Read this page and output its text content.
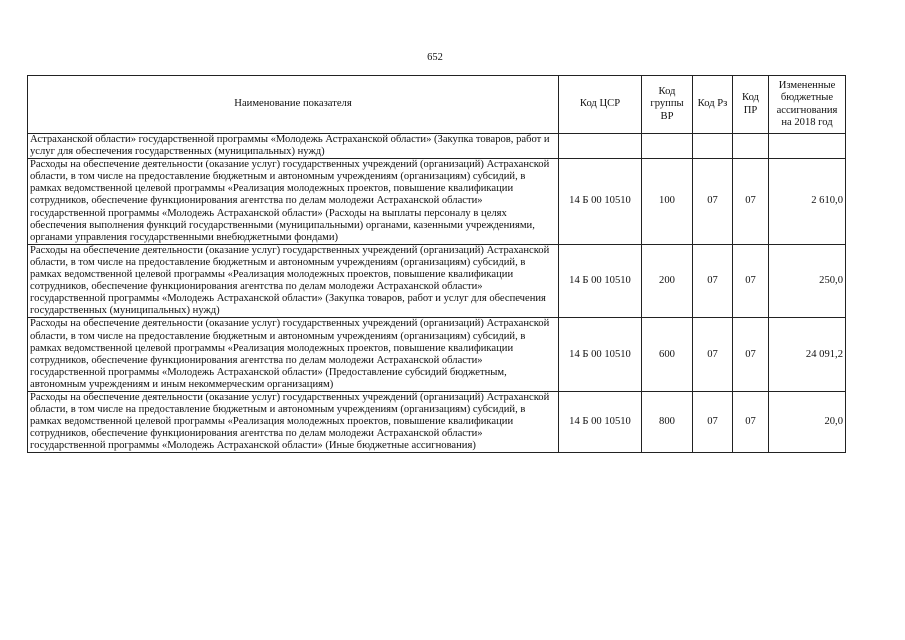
652
Наименование показателя	Код ЦСР	Код группы ВР	Код Рз	Код ПР	Измененные бюджетные ассигнования на 2018 год
Астраханской области» государственной программы «Молодежь Астраханской области» (Закупка товаров, работ и услуг для обеспечения государственных (муниципальных) нужд)					
Расходы на обеспечение деятельности (оказание услуг) государственных учреждений (организаций) Астраханской области, в том числе на предоставление бюджетным и автономным учреждениям (организациям) субсидий, в рамках ведомственной целевой программы «Реализация молодежных проектов, повышение квалификации сотрудников, обеспечение функционирования агентства по делам молодежи Астраханской области» государственной программы «Молодежь Астраханской области» (Расходы на выплаты персоналу в целях обеспечения выполнения функций государственными (муниципальными) органами, казенными учреждениями, органами управления государственными внебюджетными фондами)	14 Б 00 10510	100	07	07	2 610,0
Расходы на обеспечение деятельности (оказание услуг) государственных учреждений (организаций) Астраханской области, в том числе на предоставление бюджетным и автономным учреждениям (организациям) субсидий, в рамках ведомственной целевой программы «Реализация молодежных проектов, повышение квалификации сотрудников, обеспечение функционирования агентства по делам молодежи Астраханской области» государственной программы «Молодежь Астраханской области» (Закупка товаров, работ и услуг для обеспечения государственных (муниципальных) нужд)	14 Б 00 10510	200	07	07	250,0
Расходы на обеспечение деятельности (оказание услуг) государственных учреждений (организаций) Астраханской области, в том числе на предоставление бюджетным и автономным учреждениям (организациям) субсидий, в рамках ведомственной целевой программы «Реализация молодежных проектов, повышение квалификации сотрудников, обеспечение функционирования агентства по делам молодежи Астраханской области» государственной программы «Молодежь Астраханской области» (Предоставление субсидий бюджетным, автономным учреждениям и иным некоммерческим организациям)	14 Б 00 10510	600	07	07	24 091,2
Расходы на обеспечение деятельности (оказание услуг) государственных учреждений (организаций) Астраханской области, в том числе на предоставление бюджетным и автономным учреждениям (организациям) субсидий, в рамках ведомственной целевой программы «Реализация молодежных проектов, повышение квалификации сотрудников, обеспечение функционирования агентства по делам молодежи Астраханской области» государственной программы «Молодежь Астраханской области» (Иные бюджетные ассигнования)	14 Б 00 10510	800	07	07	20,0
